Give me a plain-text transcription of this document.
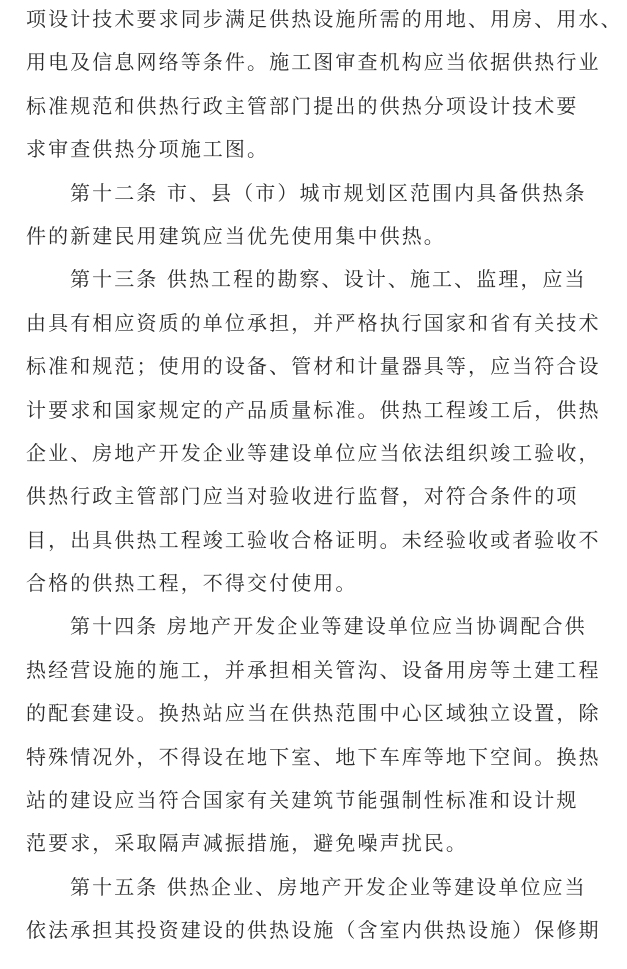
项设计技术要求同步满足供热设施所需的用地、用房、用水、
用电及信息网络等条件。施工图审查机构应当依据供热行业
标准规范和供热行政主管部门提出的供热分项设计技术要
求审查供热分项施工图。
第十二条 市、县（市）城市规划区范围内具备供热条
件的新建民用建筑应当优先使用集中供热。
第十三条 供热工程的勘察、设计、施工、监理，应当
由具有相应资质的单位承担，并严格执行国家和省有关技术
标准和规范；使用的设备、管材和计量器具等，应当符合设
计要求和国家规定的产品质量标准。供热工程竣工后，供热
企业、房地产开发企业等建设单位应当依法组织竣工验收，
供热行政主管部门应当对验收进行监督，对符合条件的项
目，出具供热工程竣工验收合格证明。未经验收或者验收不
合格的供热工程，不得交付使用。
第十四条 房地产开发企业等建设单位应当协调配合供
热经营设施的施工，并承担相关管沟、设备用房等土建工程
的配套建设。换热站应当在供热范围中心区域独立设置，除
特殊情况外，不得设在地下室、地下车库等地下空间。换热
站的建设应当符合国家有关建筑节能强制性标准和设计规
范要求，采取隔声减振措施，避免噪声扰民。
第十五条 供热企业、房地产开发企业等建设单位应当
依法承担其投资建设的供热设施（含室内供热设施）保修期
